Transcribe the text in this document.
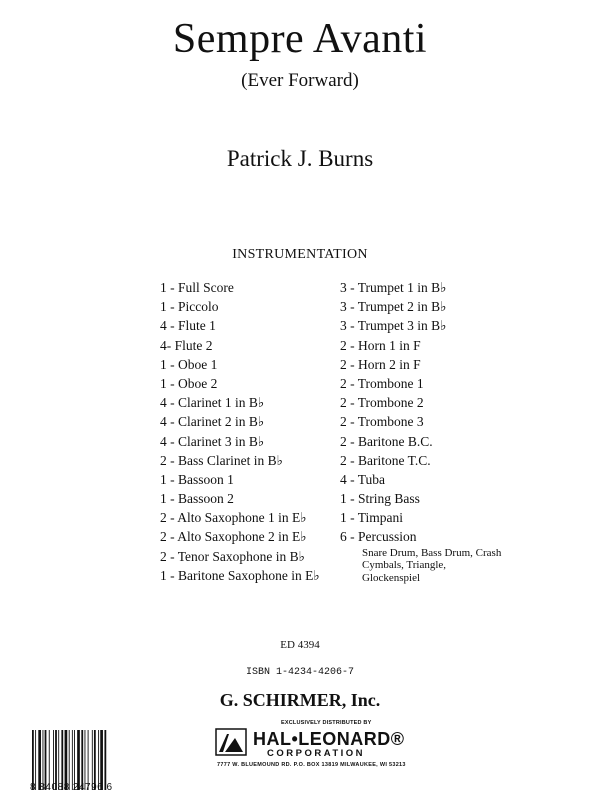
Sempre Avanti
(Ever Forward)
Patrick J. Burns
INSTRUMENTATION
1 - Full Score
1 - Piccolo
4 - Flute 1
4- Flute 2
1 - Oboe 1
1 - Oboe 2
4 - Clarinet 1 in B♭
4 - Clarinet 2 in B♭
4 - Clarinet 3 in B♭
2 - Bass Clarinet in B♭
1 - Bassoon 1
1 - Bassoon 2
2 - Alto Saxophone 1 in E♭
2 - Alto Saxophone 2 in E♭
2 - Tenor Saxophone in B♭
1 - Baritone Saxophone in E♭
3 - Trumpet 1 in B♭
3 - Trumpet 2 in B♭
3 - Trumpet 3 in B♭
2 - Horn 1 in F
2 - Horn 2 in F
2 - Trombone 1
2 - Trombone 2
2 - Trombone 3
2 - Baritone B.C.
2 - Baritone T.C.
4 - Tuba
1 - String Bass
1 - Timpani
6 - Percussion
Snare Drum, Bass Drum, Crash Cymbals, Triangle, Glockenspiel
ED 4394
ISBN 1-4234-4206-7
G. SCHIRMER, Inc.
8 84088 24796 6
EXCLUSIVELY DISTRIBUTED BY
HAL•LEONARD®
CORPORATION
7777 W. BLUEMOUND RD. P.O. BOX 13819 MILWAUKEE, WI 53213
